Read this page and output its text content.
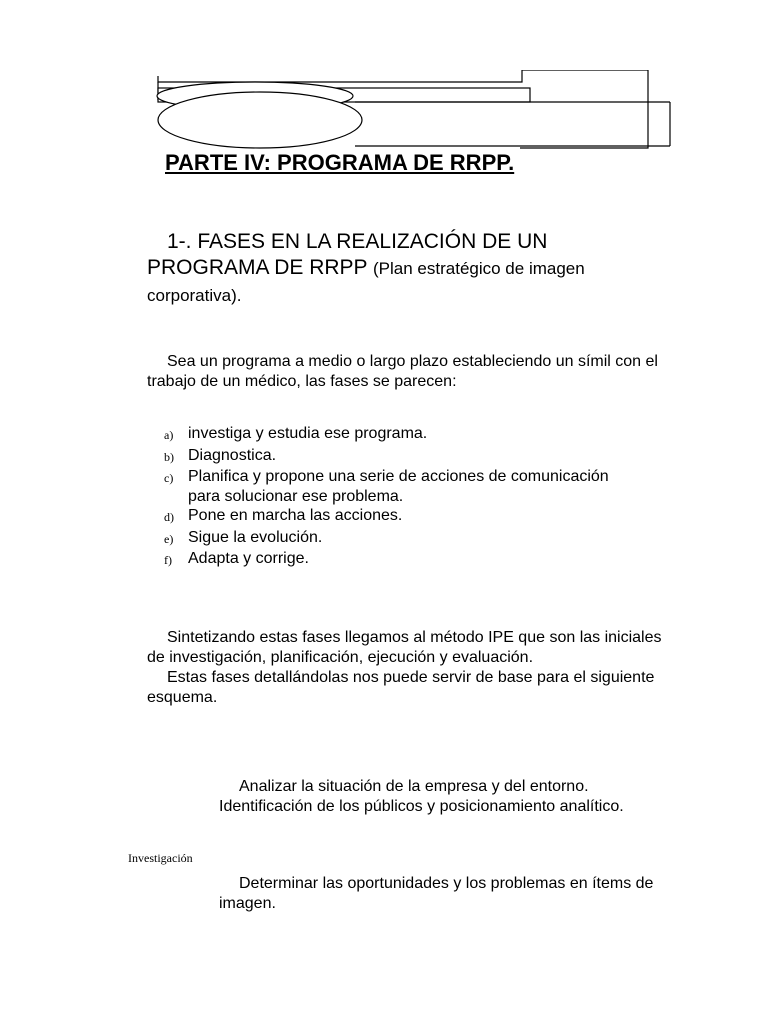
PARTE IV: PROGRAMA DE RRPP.
1-. FASES EN LA REALIZACIÓN DE UN PROGRAMA DE RRPP (Plan estratégico de imagen corporativa).
Sea un programa a medio o largo plazo estableciendo un símil con el trabajo de un médico, las fases se parecen:
a) investiga y estudia ese programa.
b) Diagnostica.
c) Planifica y propone una serie de acciones de comunicación para solucionar ese problema.
d) Pone en marcha las acciones.
e) Sigue la evolución.
f)	Adapta y corrige.
Sintetizando estas fases llegamos al método IPE que son las iniciales de investigación, planificación, ejecución y evaluación.
Estas fases detallándolas nos puede servir de base para el siguiente esquema.
Analizar la situación de la empresa y del entorno. Identificación de los públicos y posicionamiento analítico.
Investigación
Determinar las oportunidades y los problemas en ítems de imagen.
